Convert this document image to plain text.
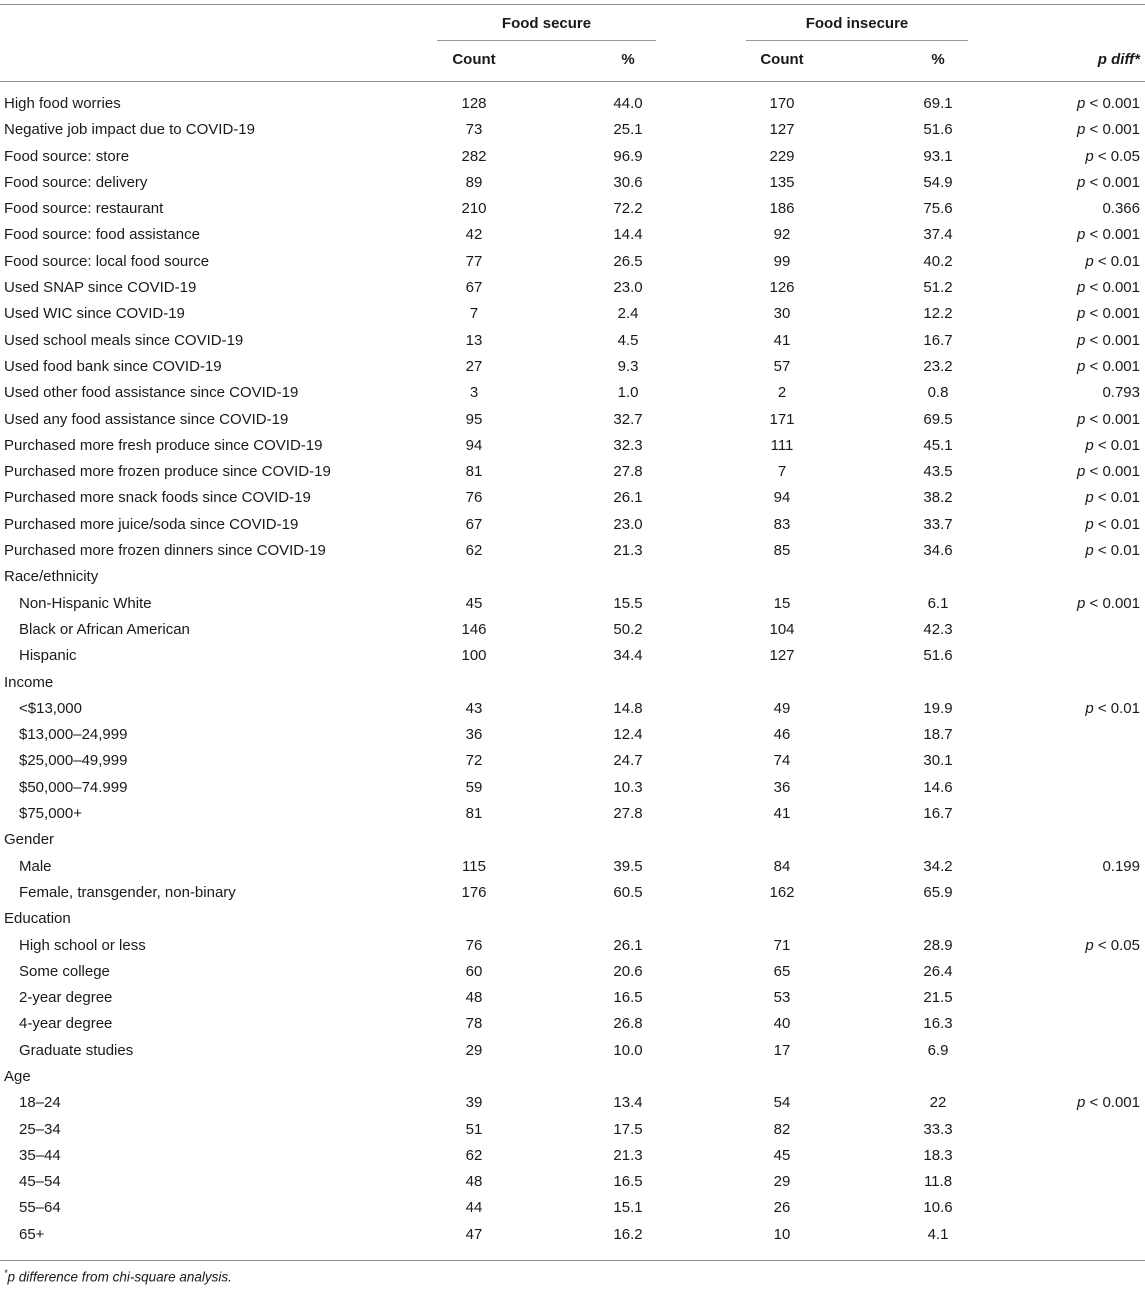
Food secure	Food insecure
Count	%	Count	%	p diff*
High food worries	128	44.0	170	69.1	p < 0.001
Negative job impact due to COVID-19	73	25.1	127	51.6	p < 0.001
Food source: store	282	96.9	229	93.1	p < 0.05
Food source: delivery	89	30.6	135	54.9	p < 0.001
Food source: restaurant	210	72.2	186	75.6	0.366
Food source: food assistance	42	14.4	92	37.4	p < 0.001
Food source: local food source	77	26.5	99	40.2	p < 0.01
Used SNAP since COVID-19	67	23.0	126	51.2	p < 0.001
Used WIC since COVID-19	7	2.4	30	12.2	p < 0.001
Used school meals since COVID-19	13	4.5	41	16.7	p < 0.001
Used food bank since COVID-19	27	9.3	57	23.2	p < 0.001
Used other food assistance since COVID-19	3	1.0	2	0.8	0.793
Used any food assistance since COVID-19	95	32.7	171	69.5	p < 0.001
Purchased more fresh produce since COVID-19	94	32.3	111	45.1	p < 0.01
Purchased more frozen produce since COVID-19	81	27.8	7	43.5	p < 0.001
Purchased more snack foods since COVID-19	76	26.1	94	38.2	p < 0.01
Purchased more juice/soda since COVID-19	67	23.0	83	33.7	p < 0.01
Purchased more frozen dinners since COVID-19	62	21.3	85	34.6	p < 0.01
Race/ethnicity
Non-Hispanic White	45	15.5	15	6.1	p < 0.001
Black or African American	146	50.2	104	42.3
Hispanic	100	34.4	127	51.6
Income
<$13,000	43	14.8	49	19.9	p < 0.01
$13,000–24,999	36	12.4	46	18.7
$25,000–49,999	72	24.7	74	30.1
$50,000–74.999	59	10.3	36	14.6
$75,000+	81	27.8	41	16.7
Gender
Male	115	39.5	84	34.2	0.199
Female, transgender, non-binary	176	60.5	162	65.9
Education
High school or less	76	26.1	71	28.9	p < 0.05
Some college	60	20.6	65	26.4
2-year degree	48	16.5	53	21.5
4-year degree	78	26.8	40	16.3
Graduate studies	29	10.0	17	6.9
Age
18–24	39	13.4	54	22	p < 0.001
25–34	51	17.5	82	33.3
35–44	62	21.3	45	18.3
45–54	48	16.5	29	11.8
55–64	44	15.1	26	10.6
65+	47	16.2	10	4.1
*p difference from chi-square analysis.
